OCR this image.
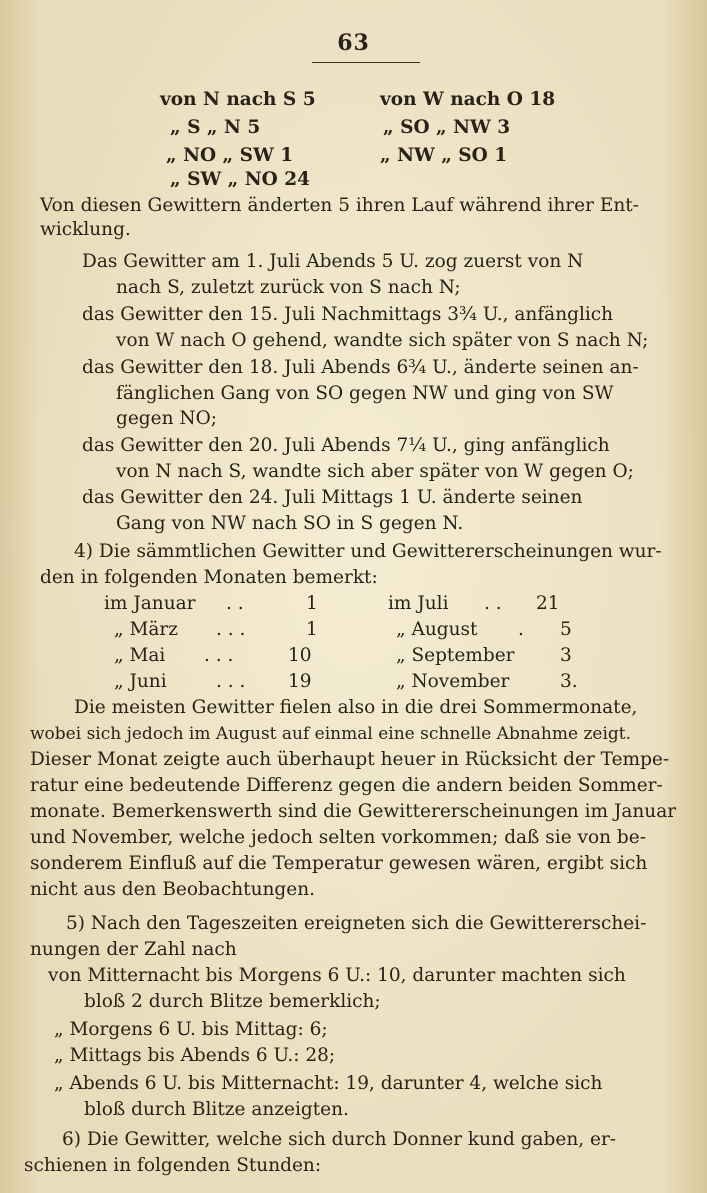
63
von N nach S 5	von W nach O 18
„ S „ N 5	„ SO „ NW 3
„ NO „ SW 1	„ NW „ SO 1
„ SW „ NO 24
Von diesen Gewittern änderten 5 ihren Lauf während ihrer Ent-
wicklung.
Das Gewitter am 1. Juli Abends 5 U. zog zuerst von N
nach S, zuletzt zurück von S nach N;
das Gewitter den 15. Juli Nachmittags 3¾ U., anfänglich
von W nach O gehend, wandte sich später von S nach N;
das Gewitter den 18. Juli Abends 6¾ U., änderte seinen an-
fänglichen Gang von SO gegen NW und ging von SW
gegen NO;
das Gewitter den 20. Juli Abends 7¼ U., ging anfänglich
von N nach S, wandte sich aber später von W gegen O;
das Gewitter den 24. Juli Mittags 1 U. änderte seinen
Gang von NW nach SO in S gegen N.
4) Die sämmtlichen Gewitter und Gewittererscheinungen wur-
den in folgenden Monaten bemerkt:
im Januar . .	1	im Juli . . 21
„ März . . .	1	„ August . 5
„ Mai . . .	10	„ September 3
„ Juni	. . . 19	„ November	3.
Die meisten Gewitter fielen also in die drei Sommermonate,
wobei sich jedoch im August auf einmal eine schnelle Abnahme zeigt.
Dieser Monat zeigte auch überhaupt heuer in Rücksicht der Tempe-
ratur eine bedeutende Differenz gegen die andern beiden Sommer-
monate. Bemerkenswerth sind die Gewittererscheinungen im Januar
und November, welche jedoch selten vorkommen; daß sie von be-
sonderem Einfluß auf die Temperatur gewesen wären, ergibt sich
nicht aus den Beobachtungen.
5) Nach den Tageszeiten ereigneten sich die Gewittererschei-
nungen der Zahl nach
von Mitternacht bis Morgens 6 U.: 10, darunter machten sich
bloß 2 durch Blitze bemerklich;
„ Morgens 6 U. bis Mittag: 6;
„ Mittags bis Abends 6 U.: 28;
„ Abends 6 U. bis Mitternacht: 19, darunter 4, welche sich
bloß durch Blitze anzeigten.
6) Die Gewitter, welche sich durch Donner kund gaben, er-
schienen in folgenden Stunden:
